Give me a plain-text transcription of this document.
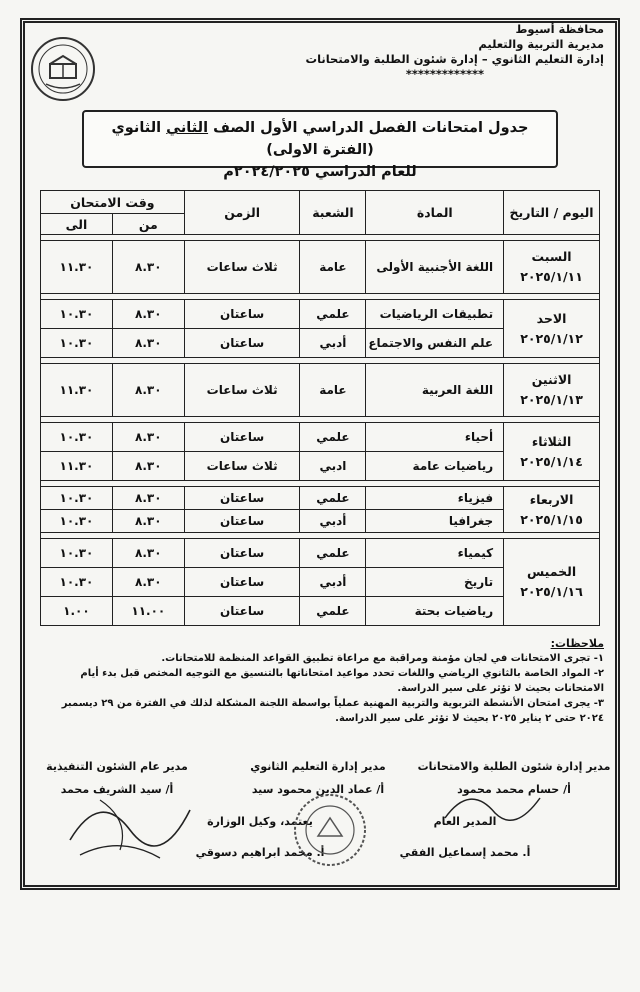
محافظة أسيوط
مديرية التربية والتعليم
إدارة التعليم الثانوي – إدارة شئون الطلبة والامتحانات
*************
جدول امتحانات الفصل الدراسي الأول الصف الثاني الثانوي (الفترة الاولى)
للعام الدراسي ٢٠٢٤/٢٠٢٥م
اليوم / التاريخ	المادة	الشعبة	الزمن	وقت الامتحان	
				من	الى

السبت
٢٠٢٥/١/١١	اللغة الأجنبية الأولى	عامة	ثلاث ساعات	٨.٣٠	١١.٣٠

الاحد
٢٠٢٥/١/١٢	تطبيقات الرياضيات	علمي	ساعتان	٨.٣٠	١٠.٣٠
	علم النفس والاجتماع	أدبي	ساعتان	٨.٣٠	١٠.٣٠

الاثنين
٢٠٢٥/١/١٣	اللغة العربية	عامة	ثلاث ساعات	٨.٣٠	١١.٣٠

الثلاثاء
٢٠٢٥/١/١٤	أحياء	علمي	ساعتان	٨.٣٠	١٠.٣٠
	رياضيات عامة	ادبي	ثلاث ساعات	٨.٣٠	١١.٣٠

الاربعاء
٢٠٢٥/١/١٥	فيزياء	علمي	ساعتان	٨.٣٠	١٠.٣٠
	جغرافيا	أدبي	ساعتان	٨.٣٠	١٠.٣٠

الخميس
٢٠٢٥/١/١٦	كيمياء	علمي	ساعتان	٨.٣٠	١٠.٣٠
	تاريخ	أدبي	ساعتان	٨.٣٠	١٠.٣٠
	رياضيات بحتة	علمي	ساعتان	١١.٠٠	١.٠٠
ملاحظات:
١- تجرى الامتحانات في لجان مؤمنة ومراقبة مع مراعاة تطبيق القواعد المنظمة للامتحانات.
٢- المواد الخاصة بالثانوي الرياضي واللغات تحدد مواعيد امتحاناتها بالتنسيق مع التوجيه المختص قبل بدء أيام الامتحانات بحيث لا تؤثر على سير الدراسة.
٣- يجرى امتحان الأنشطة التربوية والتربية المهنية عملياً بواسطة اللجنة المشكلة لذلك في الفترة من ٢٩ ديسمبر ٢٠٢٤ حتى ٢ يناير ٢٠٢٥ بحيث لا تؤثر على سير الدراسة.
مدير إدارة شئون الطلبة والامتحانات
أ/ حسام محمد محمود
مدير إدارة التعليم الثانوي
أ/ عماد الدين محمود سيد
مدير عام الشئون التنفيذية
أ/ سيد الشريف محمد
المدير العام
أ. محمد إسماعيل الفقي
يعتمد، وكيل الوزارة
أ. محمد ابراهيم دسوقي
